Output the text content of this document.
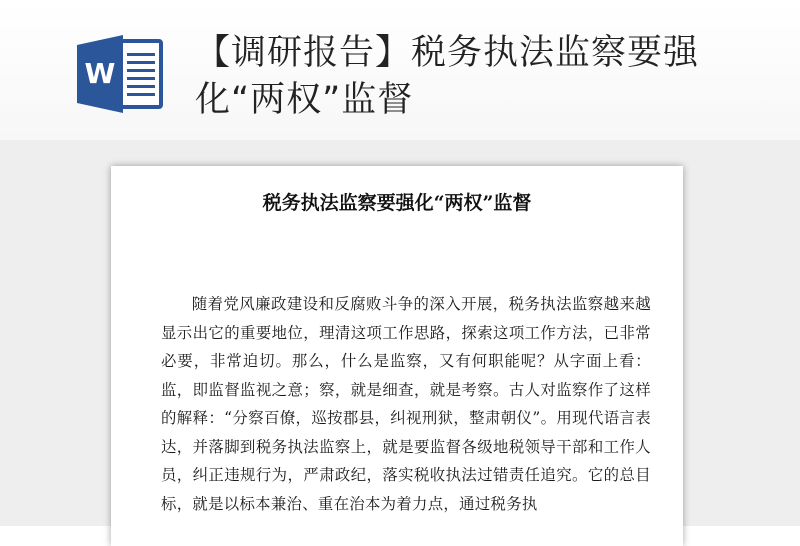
W
【调研报告】税务执法监察要强化“两权”监督
税务执法监察要强化“两权”监督

随着党风廉政建设和反腐败斗争的深入开展，税务执法监察越来越显示出它的重要地位，理清这项工作思路，探索这项工作方法，已非常必要，非常迫切。那么，什么是监察，又有何职能呢？从字面上看：监，即监督监视之意；察，就是细查，就是考察。古人对监察作了这样的解释：“分察百僚，巡按郡县，纠视刑狱，整肃朝仪”。用现代语言表达，并落脚到税务执法监察上，就是要监督各级地税领导干部和工作人员，纠正违规行为，严肃政纪，落实税收执法过错责任追究。它的总目标，就是以标本兼治、重在治本为着力点，通过税务执
